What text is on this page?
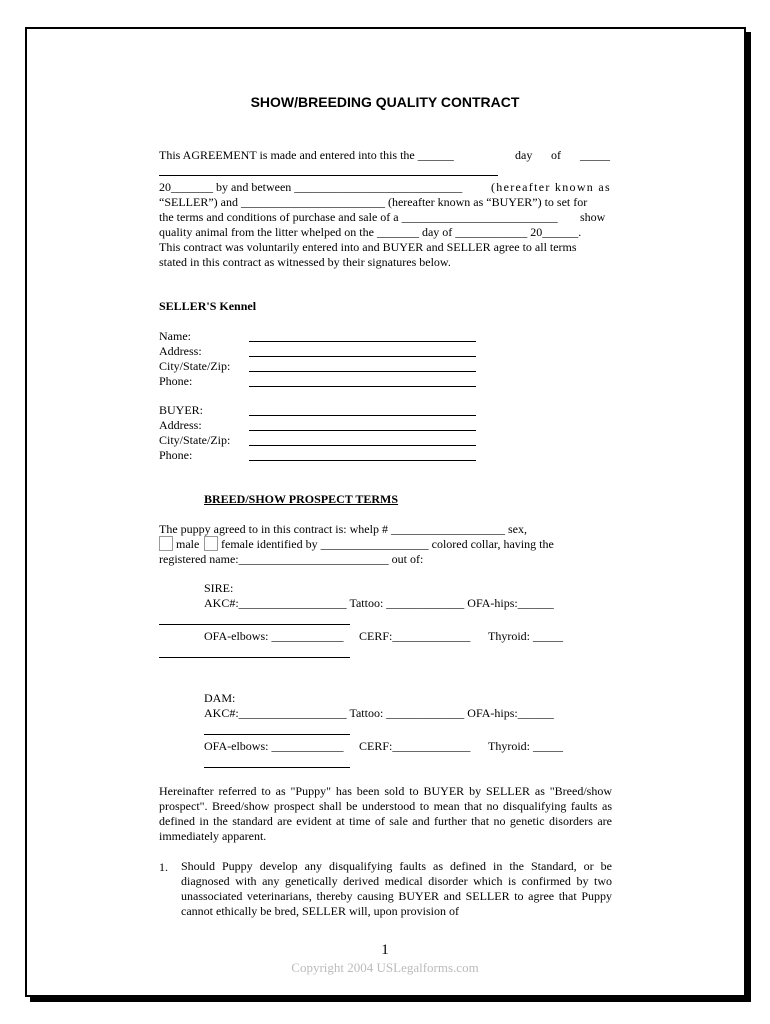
SHOW/BREEDING QUALITY CONTRACT
This AGREEMENT is made and entered into this the ______	day of _____
20_______ by and between ____________________________ (hereafter known as
“SELLER”) and ________________________ (hereafter known as “BUYER”) to set for
the terms and conditions of purchase and sale of a __________________________ show
quality animal from the litter whelped on the _______ day of ____________ 20______.
This contract was voluntarily entered into and BUYER and SELLER agree to all terms
stated in this contract as witnessed by their signatures below.
SELLER'S Kennel
Name:
Address:
City/State/Zip:
Phone:
BUYER:
Address:
City/State/Zip:
Phone:
BREED/SHOW PROSPECT TERMS
The puppy agreed to in this contract is: whelp # ___________________ sex,
male female identified by __________________ colored collar, having the
registered name:_________________________ out of:
SIRE:
AKC#:__________________ Tattoo: _____________ OFA-hips:______
OFA-elbows: ____________ CERF:_____________ Thyroid: _____
DAM:
AKC#:__________________ Tattoo: _____________ OFA-hips:______
OFA-elbows: ____________ CERF:_____________ Thyroid: _____
Hereinafter referred to as "Puppy" has been sold to BUYER by SELLER as "Breed/show prospect". Breed/show prospect shall be understood to mean that no disqualifying faults as defined in the standard are evident at time of sale and further that no genetic disorders are immediately apparent.
1. Should Puppy develop any disqualifying faults as defined in the Standard, or be diagnosed with any genetically derived medical disorder which is confirmed by two unassociated veterinarians, thereby causing BUYER and SELLER to agree that Puppy cannot ethically be bred, SELLER will, upon provision of
1
Copyright 2004 USLegalforms.com
